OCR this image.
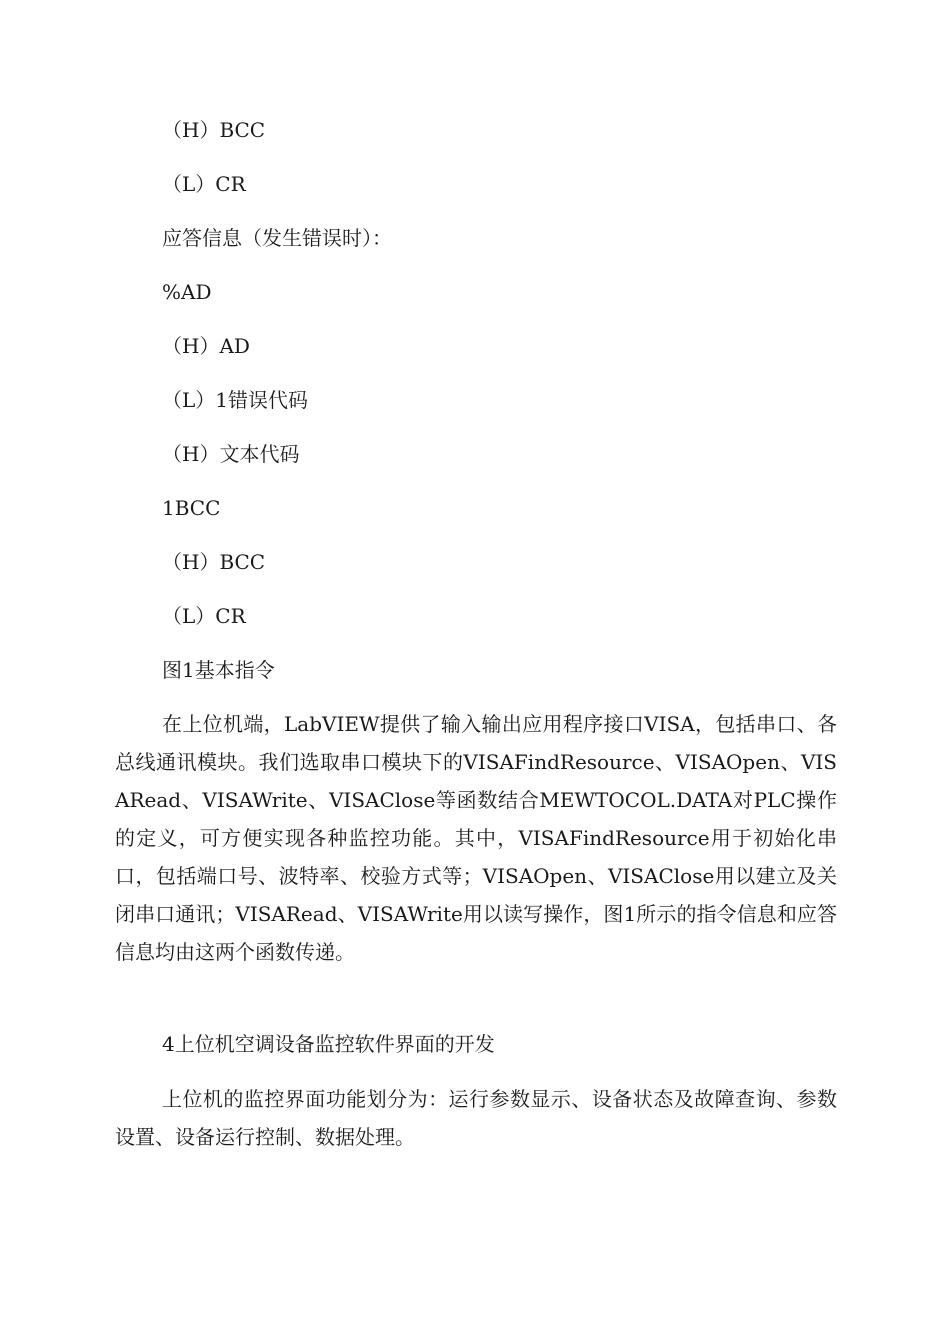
（H）BCC
（L）CR
应答信息（发生错误时）：
%AD
（H）AD
（L）1错误代码
（H）文本代码
1BCC
（H）BCC
（L）CR
图1基本指令
在上位机端，LabVIEW提供了输入输出应用程序接口VISA，包括串口、各总线通讯模块。我们选取串口模块下的VISAFindResource、VISAOpen、VISARead、VISAWrite、VISAClose等函数结合MEWTOCOL.DATA对PLC操作的定义，可方便实现各种监控功能。其中，VISAFindResource用于初始化串口，包括端口号、波特率、校验方式等；VISAOpen、VISAClose用以建立及关闭串口通讯；VISARead、VISAWrite用以读写操作，图1所示的指令信息和应答信息均由这两个函数传递。
4上位机空调设备监控软件界面的开发
上位机的监控界面功能划分为：运行参数显示、设备状态及故障查询、参数设置、设备运行控制、数据处理。
